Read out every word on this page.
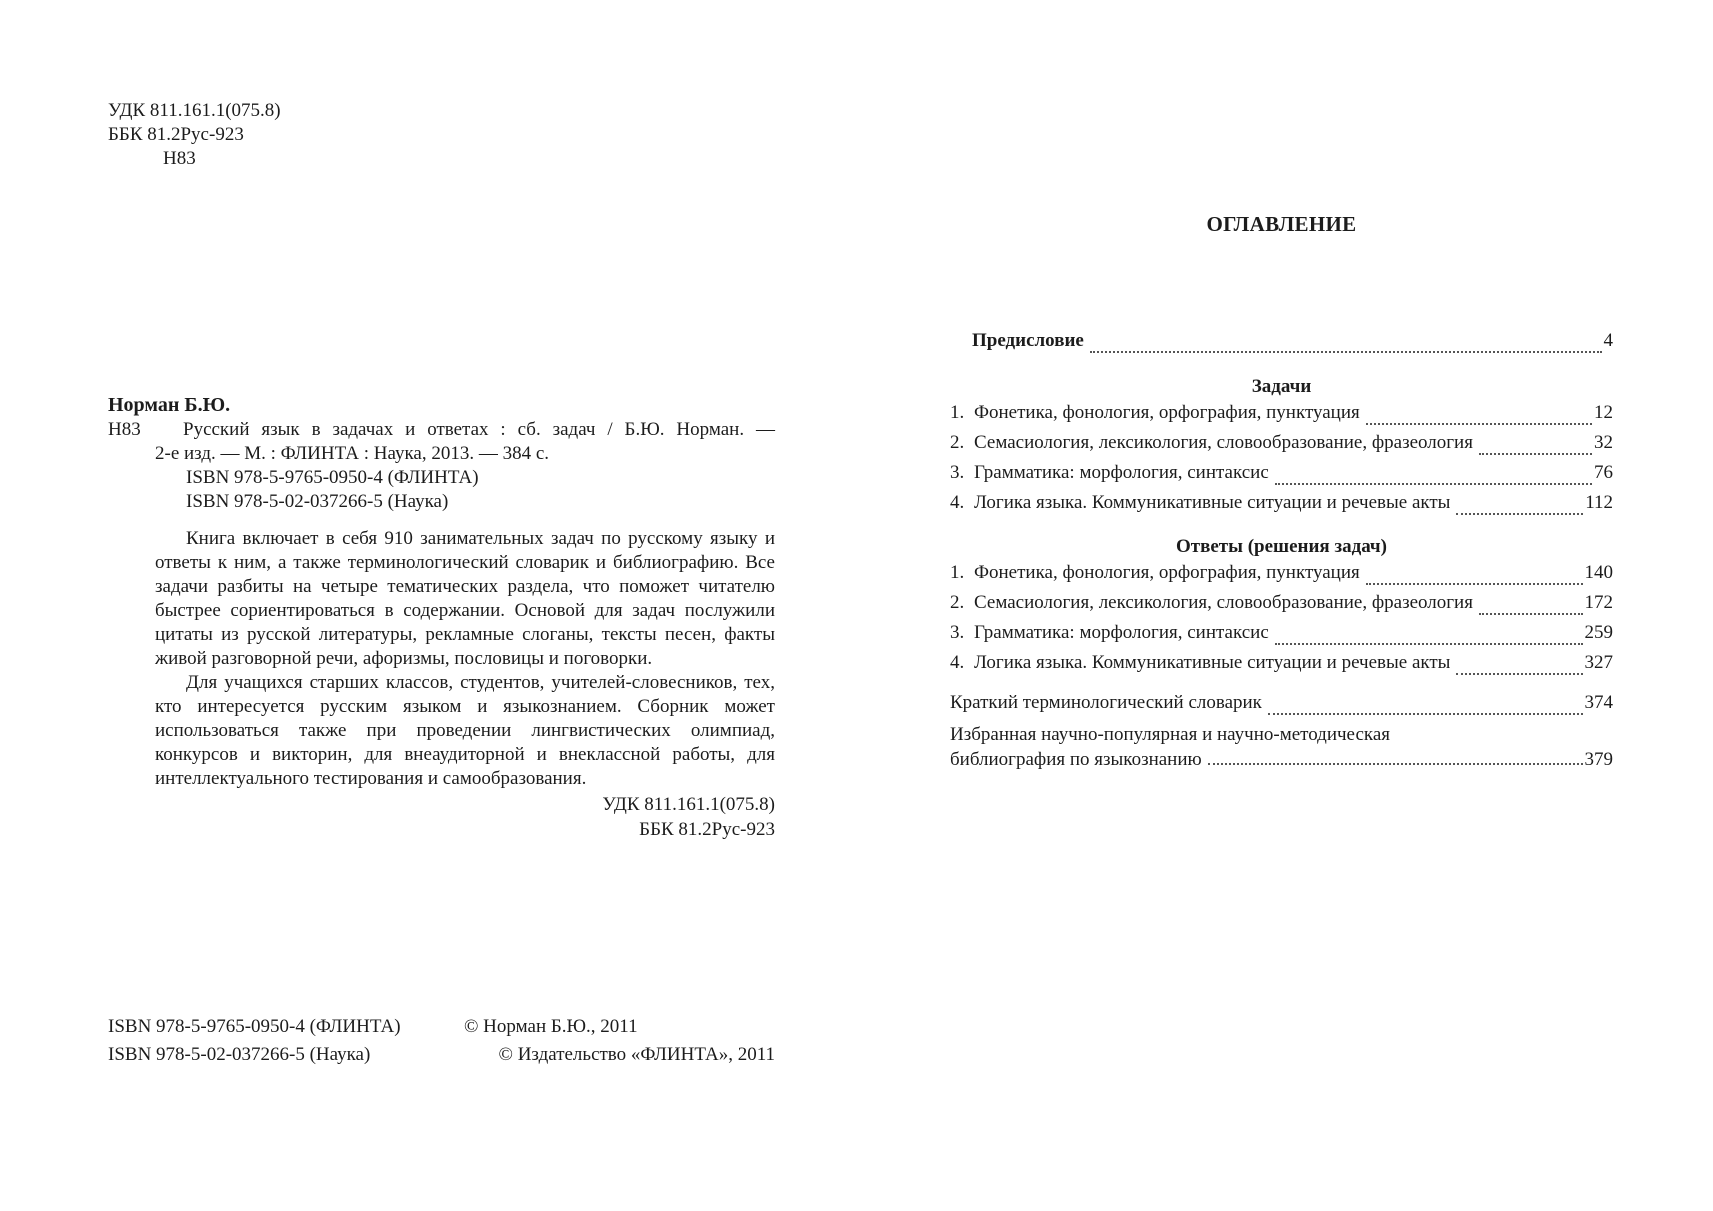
УДК 811.161.1(075.8)
ББК 81.2Рус-923
Н83
Норман Б.Ю.
Н83 Русский язык в задачах и ответах : сб. задач / Б.Ю. Норман. —
2-е изд. — М. : ФЛИНТА : Наука, 2013. — 384 с.
ISBN 978-5-9765-0950-4 (ФЛИНТА)
ISBN 978-5-02-037266-5 (Наука)

Книга включает в себя 910 занимательных задач по русскому языку и ответы к ним, а также терминологический словарик и библиографию. Все задачи разбиты на четыре тематических раздела, что поможет читателю быстрее сориентироваться в содержании. Основой для задач послужили цитаты из русской литературы, рекламные слоганы, тексты песен, факты живой разговорной речи, афоризмы, пословицы и поговорки.

Для учащихся старших классов, студентов, учителей-словесников, тех, кто интересуется русским языком и языкознанием. Сборник может использоваться также при проведении лингвистических олимпиад, конкурсов и викторин, для внеаудиторной и внеклассной работы, для интеллектуального тестирования и самообразования.

УДК 811.161.1(075.8)
ББК 81.2Рус-923
ISBN 978-5-9765-0950-4 (ФЛИНТА)	© Норман Б.Ю., 2011
ISBN 978-5-02-037266-5 (Наука)	© Издательство «ФЛИНТА», 2011
ОГЛАВЛЕНИЕ
Предисловие	4
Задачи
1. Фонетика, фонология, орфография, пунктуация	12
2. Семасиология, лексикология, словообразование, фразеология	32
3. Грамматика: морфология, синтаксис	76
4. Логика языка. Коммуникативные ситуации и речевые акты	112
Ответы (решения задач)
1. Фонетика, фонология, орфография, пунктуация	140
2. Семасиология, лексикология, словообразование, фразеология	172
3. Грамматика: морфология, синтаксис	259
4. Логика языка. Коммуникативные ситуации и речевые акты	327
Краткий терминологический словарик	374
Избранная научно-популярная и научно-методическая
библиография по языкознанию	379
